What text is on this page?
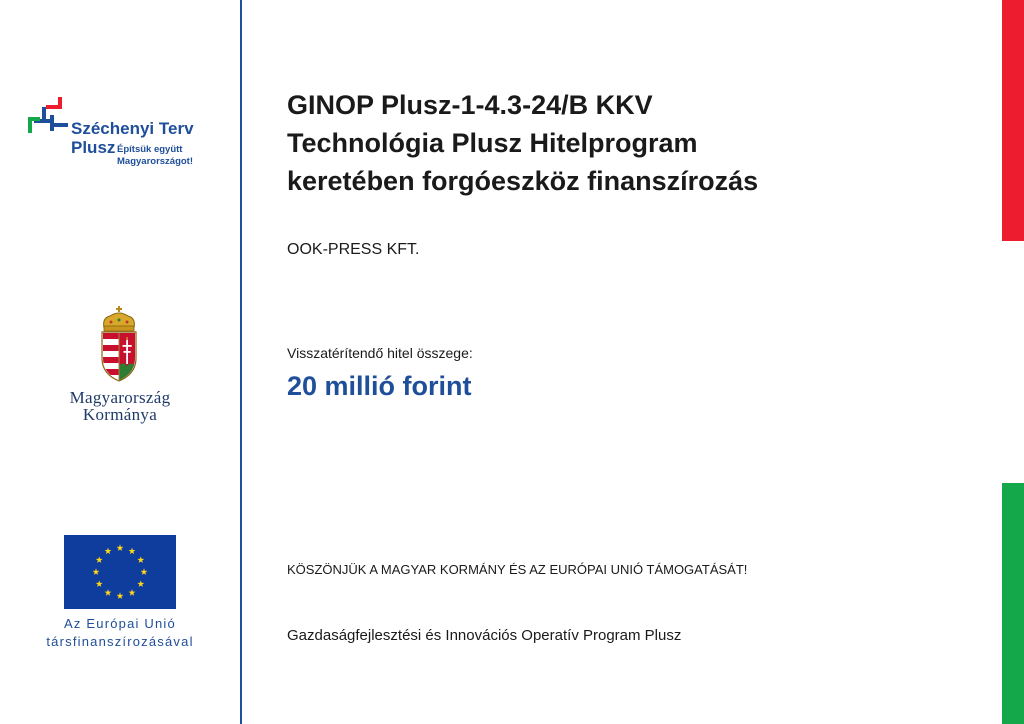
Széchenyi Terv
Plusz Építsük együtt
Magyarországot!
Magyarország
Kormánya
Az Európai Unió
társfinanszírozásával
GINOP Plusz-1-4.3-24/B KKV
Technológia Plusz Hitelprogram
keretében forgóeszköz finanszírozás
OOK-PRESS KFT.
Visszatérítendő hitel összege:
20 millió forint
KÖSZÖNJÜK A MAGYAR KORMÁNY ÉS AZ EURÓPAI UNIÓ TÁMOGATÁSÁT!
Gazdaságfejlesztési és Innovációs Operatív Program Plusz
